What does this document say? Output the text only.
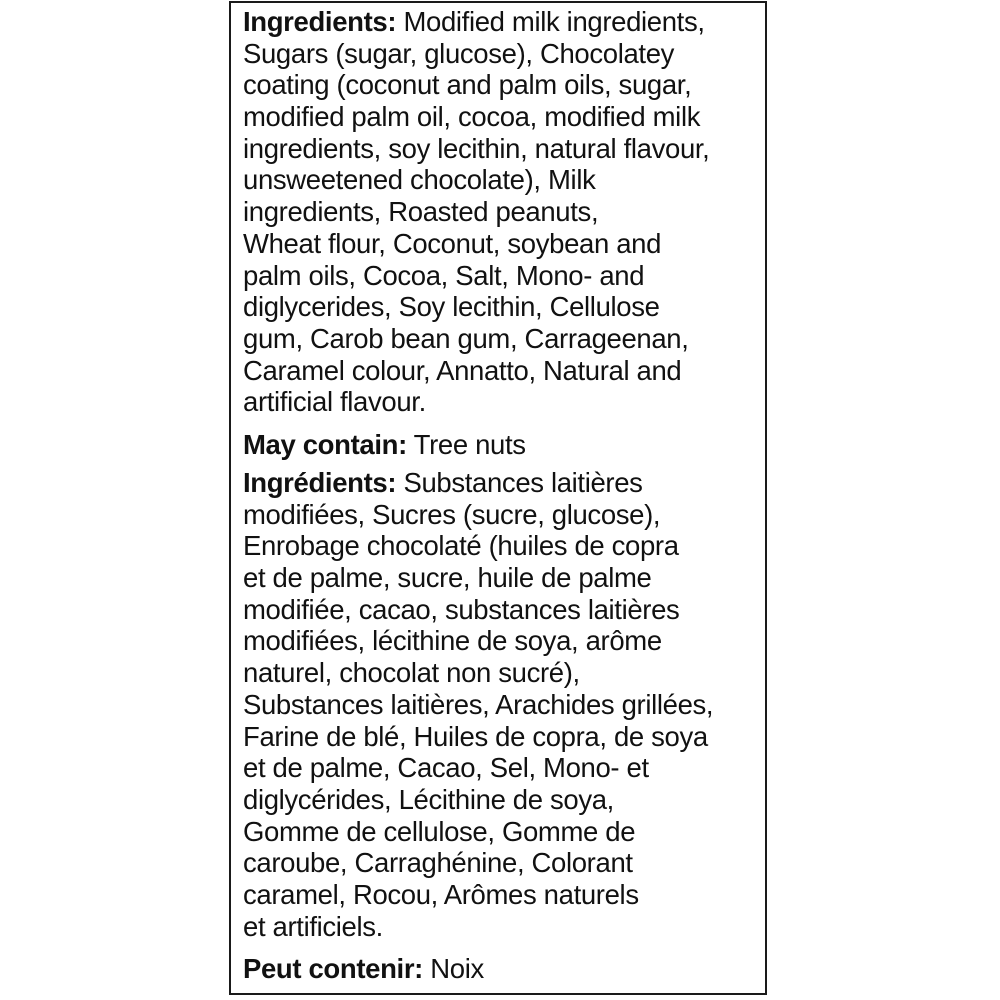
Ingredients: Modified milk ingredients,
Sugars (sugar, glucose), Chocolatey
coating (coconut and palm oils, sugar,
modified palm oil, cocoa, modified milk
ingredients, soy lecithin, natural flavour,
unsweetened chocolate), Milk
ingredients, Roasted peanuts,
Wheat flour, Coconut, soybean and
palm oils, Cocoa, Salt, Mono- and
diglycerides, Soy lecithin, Cellulose
gum, Carob bean gum, Carrageenan,
Caramel colour, Annatto, Natural and
artificial flavour.
May contain: Tree nuts
Ingrédients: Substances laitières
modifiées, Sucres (sucre, glucose),
Enrobage chocolaté (huiles de copra
et de palme, sucre, huile de palme
modifiée, cacao, substances laitières
modifiées, lécithine de soya, arôme
naturel, chocolat non sucré),
Substances laitières, Arachides grillées,
Farine de blé, Huiles de copra, de soya
et de palme, Cacao, Sel, Mono- et
diglycérides, Lécithine de soya,
Gomme de cellulose, Gomme de
caroube, Carraghénine, Colorant
caramel, Rocou, Arômes naturels
et artificiels.
Peut contenir: Noix
